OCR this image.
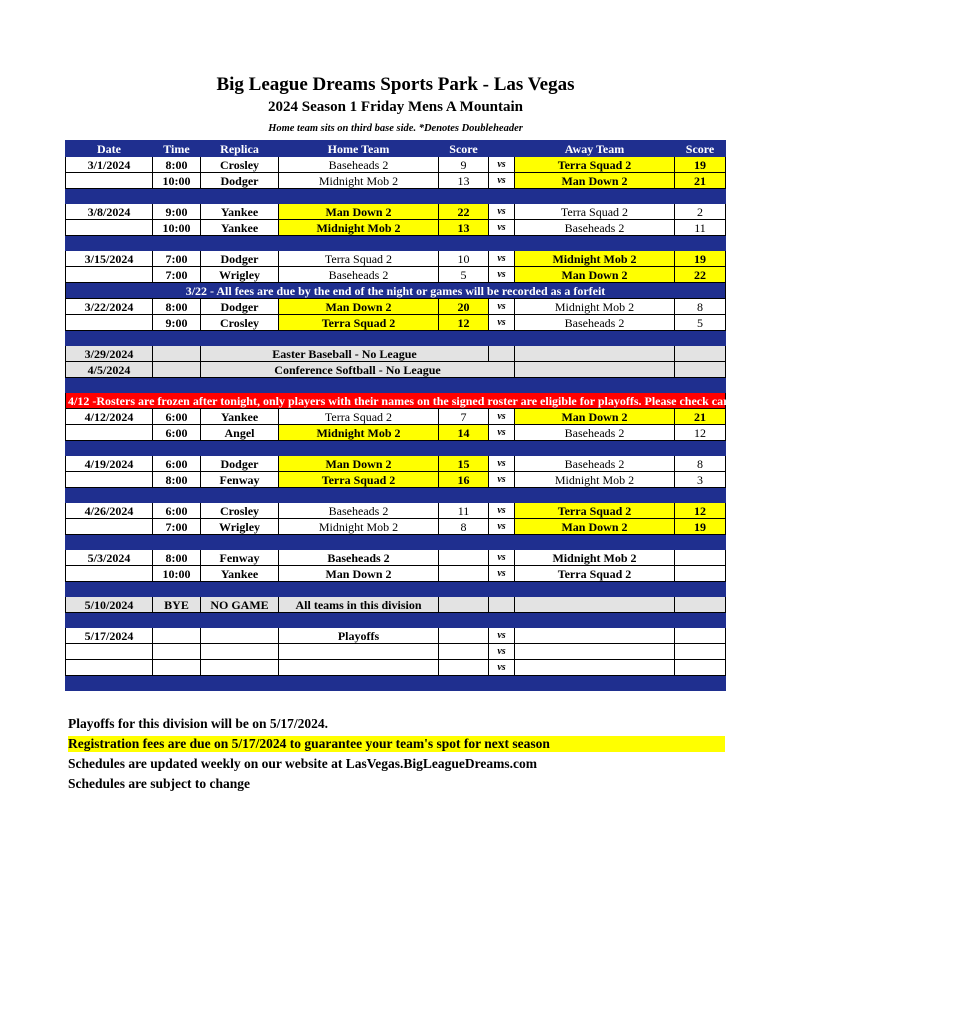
Big League Dreams Sports Park - Las Vegas
2024 Season 1 Friday Mens A Mountain
Home team sits on third base side. *Denotes Doubleheader
Date	Time	Replica	Home Team	Score		Away Team	Score
3/1/2024	8:00	Crosley	Baseheads 2	9	vs	Terra Squad 2	19
	10:00	Dodger	Midnight Mob 2	13	vs	Man Down 2	21

3/8/2024	9:00	Yankee	Man Down 2	22	vs	Terra Squad 2	2
	10:00	Yankee	Midnight Mob 2	13	vs	Baseheads 2	11

3/15/2024	7:00	Dodger	Terra Squad 2	10	vs	Midnight Mob 2	19
	7:00	Wrigley	Baseheads 2	5	vs	Man Down 2	22
3/22 - All fees are due by the end of the night or games will be recorded as a forfeit							
3/22/2024	8:00	Dodger	Man Down 2	20	vs	Midnight Mob 2	8
	9:00	Crosley	Terra Squad 2	12	vs	Baseheads 2	5

3/29/2024		Easter Baseball - No League					
4/5/2024		Conference Softball - No League					

4/12 -Rosters are frozen after tonight, only players with their names on the signed roster are eligible for playoffs. Please check carefully as changes will not be made for omissions.							
4/12/2024	6:00	Yankee	Terra Squad 2	7	vs	Man Down 2	21
	6:00	Angel	Midnight Mob 2	14	vs	Baseheads 2	12

4/19/2024	6:00	Dodger	Man Down 2	15	vs	Baseheads 2	8
	8:00	Fenway	Terra Squad 2	16	vs	Midnight Mob 2	3

4/26/2024	6:00	Crosley	Baseheads 2	11	vs	Terra Squad 2	12
	7:00	Wrigley	Midnight Mob 2	8	vs	Man Down 2	19

5/3/2024	8:00	Fenway	Baseheads 2		vs	Midnight Mob 2	
	10:00	Yankee	Man Down 2		vs	Terra Squad 2	

5/10/2024	BYE	NO GAME	All teams in this division				

5/17/2024			Playoffs		vs		
					vs		
					vs		

Playoffs for this division will be on 5/17/2024.
Registration fees are due on 5/17/2024 to guarantee your team's spot for next season
Schedules are updated weekly on our website at LasVegas.BigLeagueDreams.com
Schedules are subject to change
